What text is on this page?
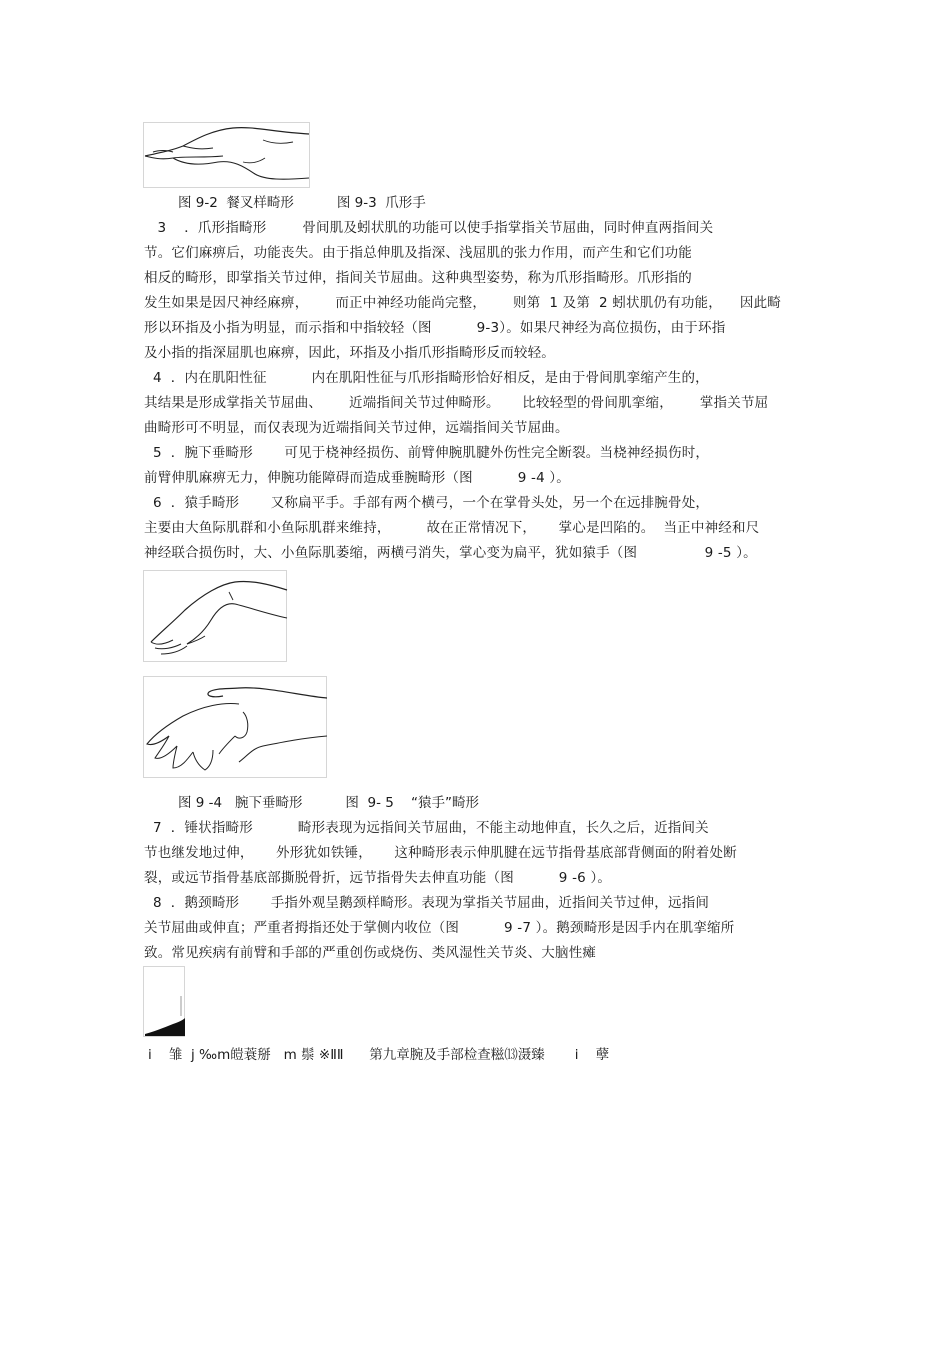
图 9-2  餐叉样畸形          图 9-3  爪形手
3    ．爪形指畸形        骨间肌及蚓状肌的功能可以使手指掌指关节屈曲，同时伸直两指间关
节。它们麻痹后，功能丧失。由于指总伸肌及指深、浅屈肌的张力作用，而产生和它们功能
相反的畸形，即掌指关节过伸，指间关节屈曲。这种典型姿势，称为爪形指畸形。爪形指的
发生如果是因尺神经麻痹，      而正中神经功能尚完整，      则第  1 及第  2 蚓状肌仍有功能，    因此畸
形以环指及小指为明显，而示指和中指较轻（图          9-3）。如果尺神经为高位损伤，由于环指
及小指的指深屈肌也麻痹，因此，环指及小指爪形指畸形反而较轻。
4  ．内在肌阳性征          内在肌阳性征与爪形指畸形恰好相反，是由于骨间肌挛缩产生的，
其结果是形成掌指关节屈曲、      近端指间关节过伸畸形。     比较轻型的骨间肌挛缩，      掌指关节屈
曲畸形可不明显，而仅表现为近端指间关节过伸，远端指间关节屈曲。
5  ．腕下垂畸形       可见于桡神经损伤、前臂伸腕肌腱外伤性完全断裂。当桡神经损伤时，
前臂伸肌麻痹无力，伸腕功能障碍而造成垂腕畸形（图          9 -4 ）。
6  ．猿手畸形       又称扁平手。手部有两个横弓，一个在掌骨头处，另一个在远排腕骨处，
主要由大鱼际肌群和小鱼际肌群来维持，        故在正常情况下，     掌心是凹陷的。  当正中神经和尺
神经联合损伤时，大、小鱼际肌萎缩，两横弓消失，掌心变为扁平，犹如猿手（图               9 -5 ）。
图 9 -4   腕下垂畸形          图  9- 5    “猿手”畸形
7  ．锤状指畸形          畸形表现为远指间关节屈曲，不能主动地伸直，长久之后，近指间关
节也继发地过伸，     外形犹如铁锤，     这种畸形表示伸肌腱在远节指骨基底部背侧面的附着处断
裂，或远节指骨基底部撕脱骨折，远节指骨失去伸直功能（图          9 -6 ）。
8  ．鹅颈畸形       手指外观呈鹅颈样畸形。表现为掌指关节屈曲，近指间关节过伸，远指间
关节屈曲或伸直；严重者拇指还处于掌侧内收位（图          9 -7 ）。鹅颈畸形是因手内在肌挛缩所
致。常见疾病有前臂和手部的严重创伤或烧伤、类风湿性关节炎、大脑性瘫
i    雏  j ‰m皚蓑掰   m 鬃 ※ⅡⅡ      第九章腕及手部检查糍⒀滠臻       i    孽
